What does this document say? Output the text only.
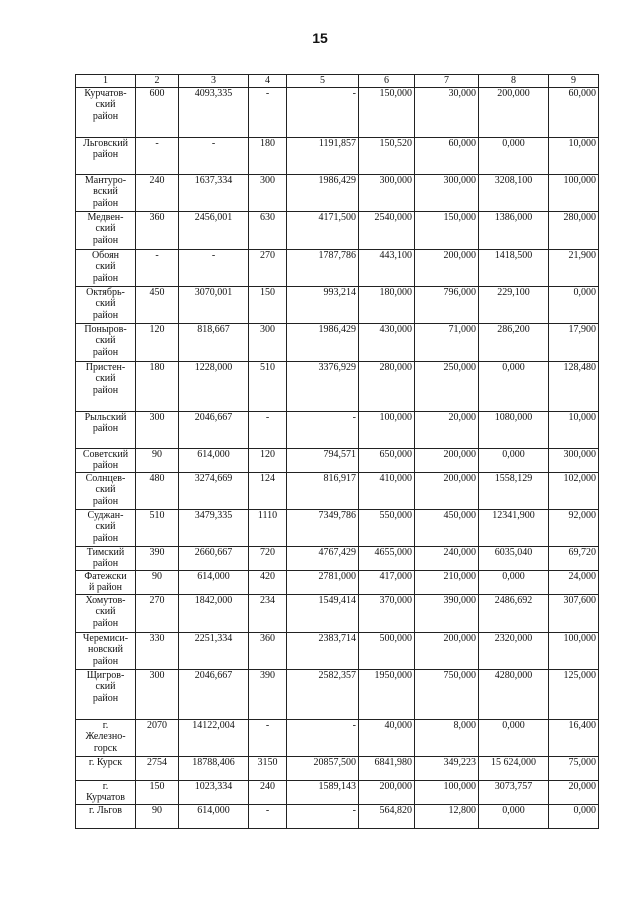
15
1	2	3	4	5	6	7	8	9
Курчатов-
ский
район	600	4093,335	-	-	150,000	30,000	200,000	60,000
Льговский
район	-	-	180	1191,857	150,520	60,000	0,000	10,000
Мантуро-
вский
район	240	1637,334	300	1986,429	300,000	300,000	3208,100	100,000
Медвен-
ский
район	360	2456,001	630	4171,500	2540,000	150,000	1386,000	280,000
Обоян
ский
район	-	-	270	1787,786	443,100	200,000	1418,500	21,900
Октябрь-
ский
район	450	3070,001	150	993,214	180,000	796,000	229,100	0,000
Поныров-
ский
район	120	818,667	300	1986,429	430,000	71,000	286,200	17,900
Пристен-
ский
район	180	1228,000	510	3376,929	280,000	250,000	0,000	128,480
Рыльский
район	300	2046,667	-	-	100,000	20,000	1080,000	10,000
Советский
район	90	614,000	120	794,571	650,000	200,000	0,000	300,000
Солнцев-
ский
район	480	3274,669	124	816,917	410,000	200,000	1558,129	102,000
Суджан-
ский
район	510	3479,335	1110	7349,786	550,000	450,000	12341,900	92,000
Тимский
район	390	2660,667	720	4767,429	4655,000	240,000	6035,040	69,720
Фатежски
й район	90	614,000	420	2781,000	417,000	210,000	0,000	24,000
Хомутов-
ский
район	270	1842,000	234	1549,414	370,000	390,000	2486,692	307,600
Черемиси-
новский
район	330	2251,334	360	2383,714	500,000	200,000	2320,000	100,000
Щигров-
ский
район	300	2046,667	390	2582,357	1950,000	750,000	4280,000	125,000
г.
Железно-
горск	2070	14122,004	-	-	40,000	8,000	0,000	16,400
г. Курск	2754	18788,406	3150	20857,500	6841,980	349,223	15 624,000	75,000
г.
Курчатов	150	1023,334	240	1589,143	200,000	100,000	3073,757	20,000
г. Льгов	90	614,000	-	-	564,820	12,800	0,000	0,000
